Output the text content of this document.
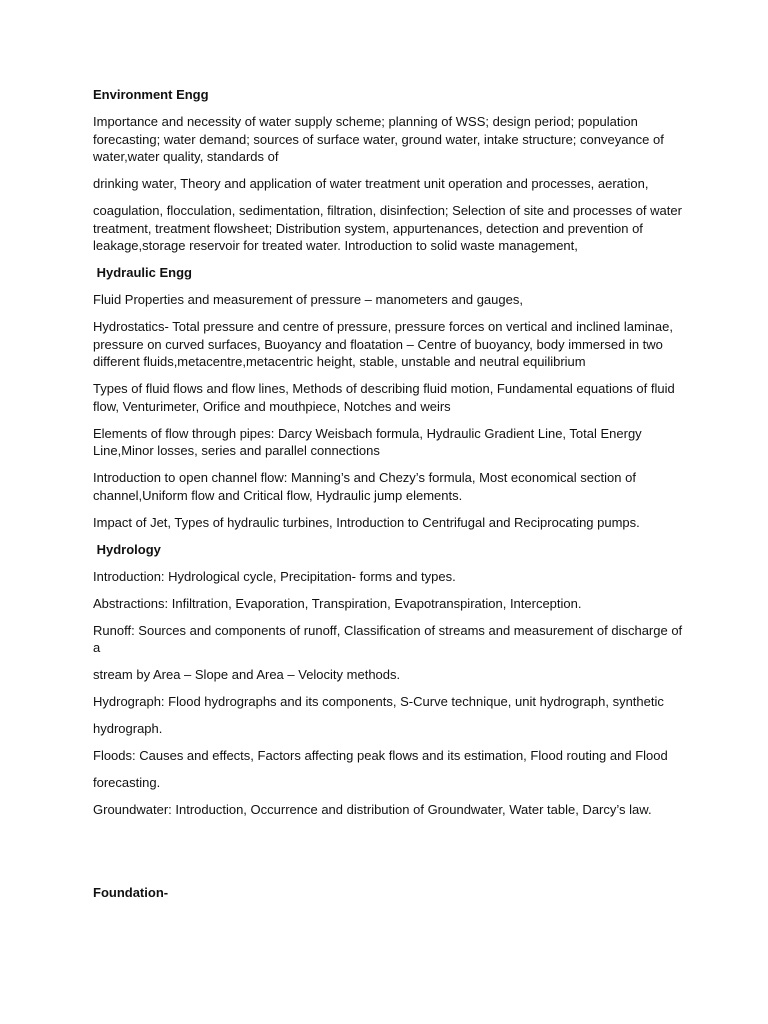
Environment Engg

Importance and necessity of water supply scheme; planning of WSS; design period; population forecasting; water demand; sources of surface water, ground water, intake structure; conveyance of water,water quality, standards of

drinking water, Theory and application of water treatment unit operation and processes, aeration,

coagulation, flocculation, sedimentation, filtration, disinfection; Selection of site and processes of water treatment, treatment flowsheet; Distribution system, appurtenances, detection and prevention of leakage,storage reservoir for treated water. Introduction to solid waste management,

Hydraulic Engg

Fluid Properties and measurement of pressure – manometers and gauges,

Hydrostatics- Total pressure and centre of pressure, pressure forces on vertical and inclined laminae, pressure on curved surfaces, Buoyancy and floatation – Centre of buoyancy, body immersed in two different fluids,metacentre,metacentric height, stable, unstable and neutral equilibrium

Types of fluid flows and flow lines, Methods of describing fluid motion, Fundamental equations of fluid flow, Venturimeter, Orifice and mouthpiece, Notches and weirs

Elements of flow through pipes: Darcy Weisbach formula, Hydraulic Gradient Line, Total Energy Line,Minor losses, series and parallel connections

Introduction to open channel flow: Manning’s and Chezy’s formula, Most economical section of channel,Uniform flow and Critical flow, Hydraulic jump elements.

Impact of Jet, Types of hydraulic turbines, Introduction to Centrifugal and Reciprocating pumps.

Hydrology

Introduction: Hydrological cycle, Precipitation- forms and types.

Abstractions: Infiltration, Evaporation, Transpiration, Evapotranspiration, Interception.

Runoff: Sources and components of runoff, Classification of streams and measurement of discharge of a

stream by Area – Slope and Area – Velocity methods.

Hydrograph: Flood hydrographs and its components, S-Curve technique, unit hydrograph, synthetic

hydrograph.

Floods: Causes and effects, Factors affecting peak flows and its estimation, Flood routing and Flood

forecasting.

Groundwater: Introduction, Occurrence and distribution of Groundwater, Water table, Darcy’s law.

Foundation-
